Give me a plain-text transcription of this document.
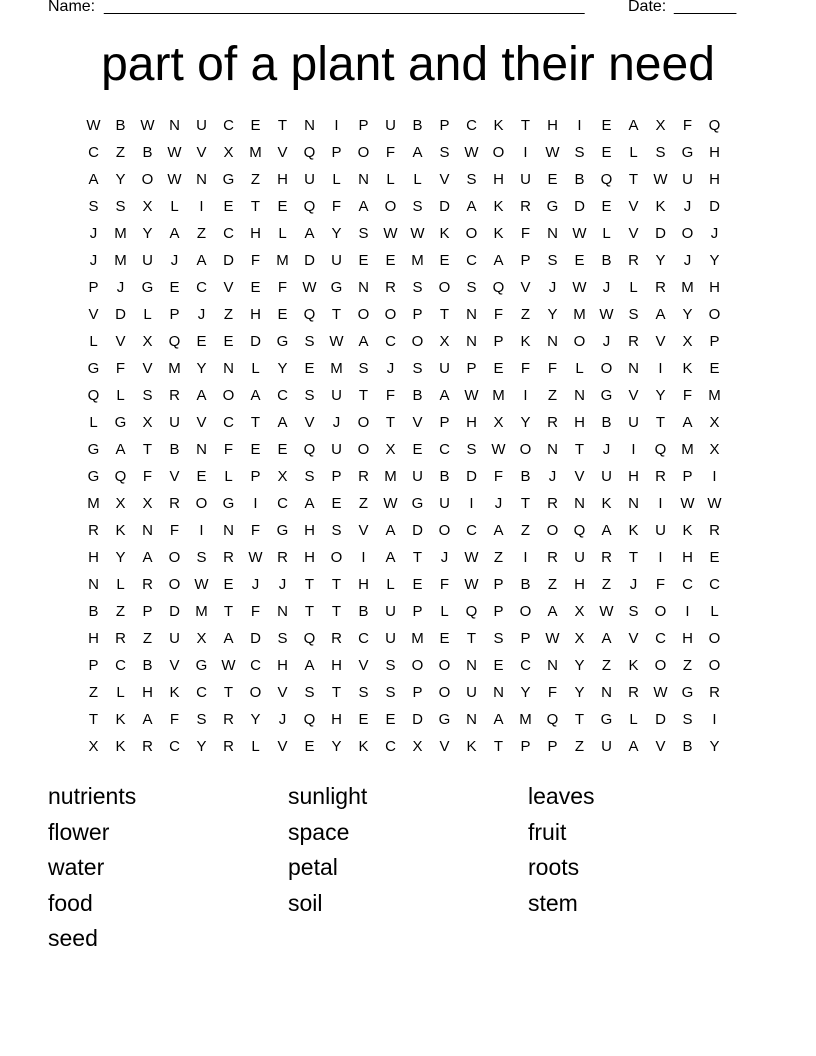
Name: ______________________________________________________	Date: _______
part of a plant and their need
W B W N	U	C	E	T	N	I	P	U	B	P	C	K	T	H	I	E	A	X	F	Q
C	Z	B W V	X	M	V	Q	P	O	F	A	S W O	I	W S	E	L	S	G	H
A	Y	O W N	G	Z	H	U	L	N	L	L	V	S	H	U	E	B	Q	T	W U	H
S	S	X	L	I	E	T	E	Q	F	A	O	S	D	A	K	R	G	D	E	V	K	J	D
J	M	Y	A	Z	C	H	L	A	Y	S W W K	O	K	F	N W	L	V	D	O	J
J	M	U	J	A	D	F	M	D	U	E	E	M	E	C	A	P	S	E	B	R	Y	J	Y
P	J	G	E	C	V	E	F	W G	N	R	S	O	S	Q	V	J	W	J	L	R	M	H
V	D	L	P	J	Z	H	E	Q	T	O	O	P	T	N	F	Z	Y	M W S	A	Y	O
L	V	X	Q	E	E	D	G	S W A	C	O	X	N	P	K	N	O	J	R	V	X	P
G	F	V	M	Y	N	L	Y	E	M	S	J	S	U	P	E	F	F	L	O	N	I	K	E
Q	L	S	R	A	O	A	C	S	U	T	F	B	A W M	I	Z	N	G	V	Y	F	M
L	G	X	U	V	C	T	A	V	J	O	T	V	P	H	X	Y	R	H	B	U	T	A	X
G	A	T	B	N	F	E	E	Q	U	O	X	E	C	S W O	N	T	J	I	Q M	X
G	Q	F	V	E	L	P	X	S	P	R	M	U	B	D	F	B	J	V	U	H	R	P	I
M	X	X	R	O	G	I	C	A	E	Z	W G	U	I	J	T	R	N	K	N	I	W W
R	K	N	F	I	N	F	G	H	S	V	A	D	O	C	A	Z	O	Q	A	K	U	K	R
H	Y	A	O	S	R W R	H	O	I	A	T	J	W	Z	I	R	U	R	T	I	H	E
N	L	R	O W E	J	J	T	T	H	L	E	F	W P	B	Z	H	Z	J	F	C	C
B	Z	P	D	M	T	F	N	T	T	B	U	P	L	Q	P	O	A	X W S	O	I	L
H	R	Z	U	X	A	D	S	Q	R	C	U	M	E	T	S	P W X	A	V	C	H	O
P	C	B	V	G W C	H	A	H	V	S	O	O	N	E	C	N	Y	Z	K	O	Z	O
Z	L	H	K	C	T	O	V	S	T	S	S	P	O	U	N	Y	F	Y	N	R W G	R
T	K	A	F	S	R	Y	J	Q	H	E	E	D	G	N	A	M Q	T	G	L	D	S	I
X	K	R	C	Y	R	L	V	E	Y	K	C	X	V	K	T	P	P	Z	U	A	V	B	Y
nutrients	sunlight	leaves
flower	space	fruit
water	petal	roots
food	soil	stem
seed
